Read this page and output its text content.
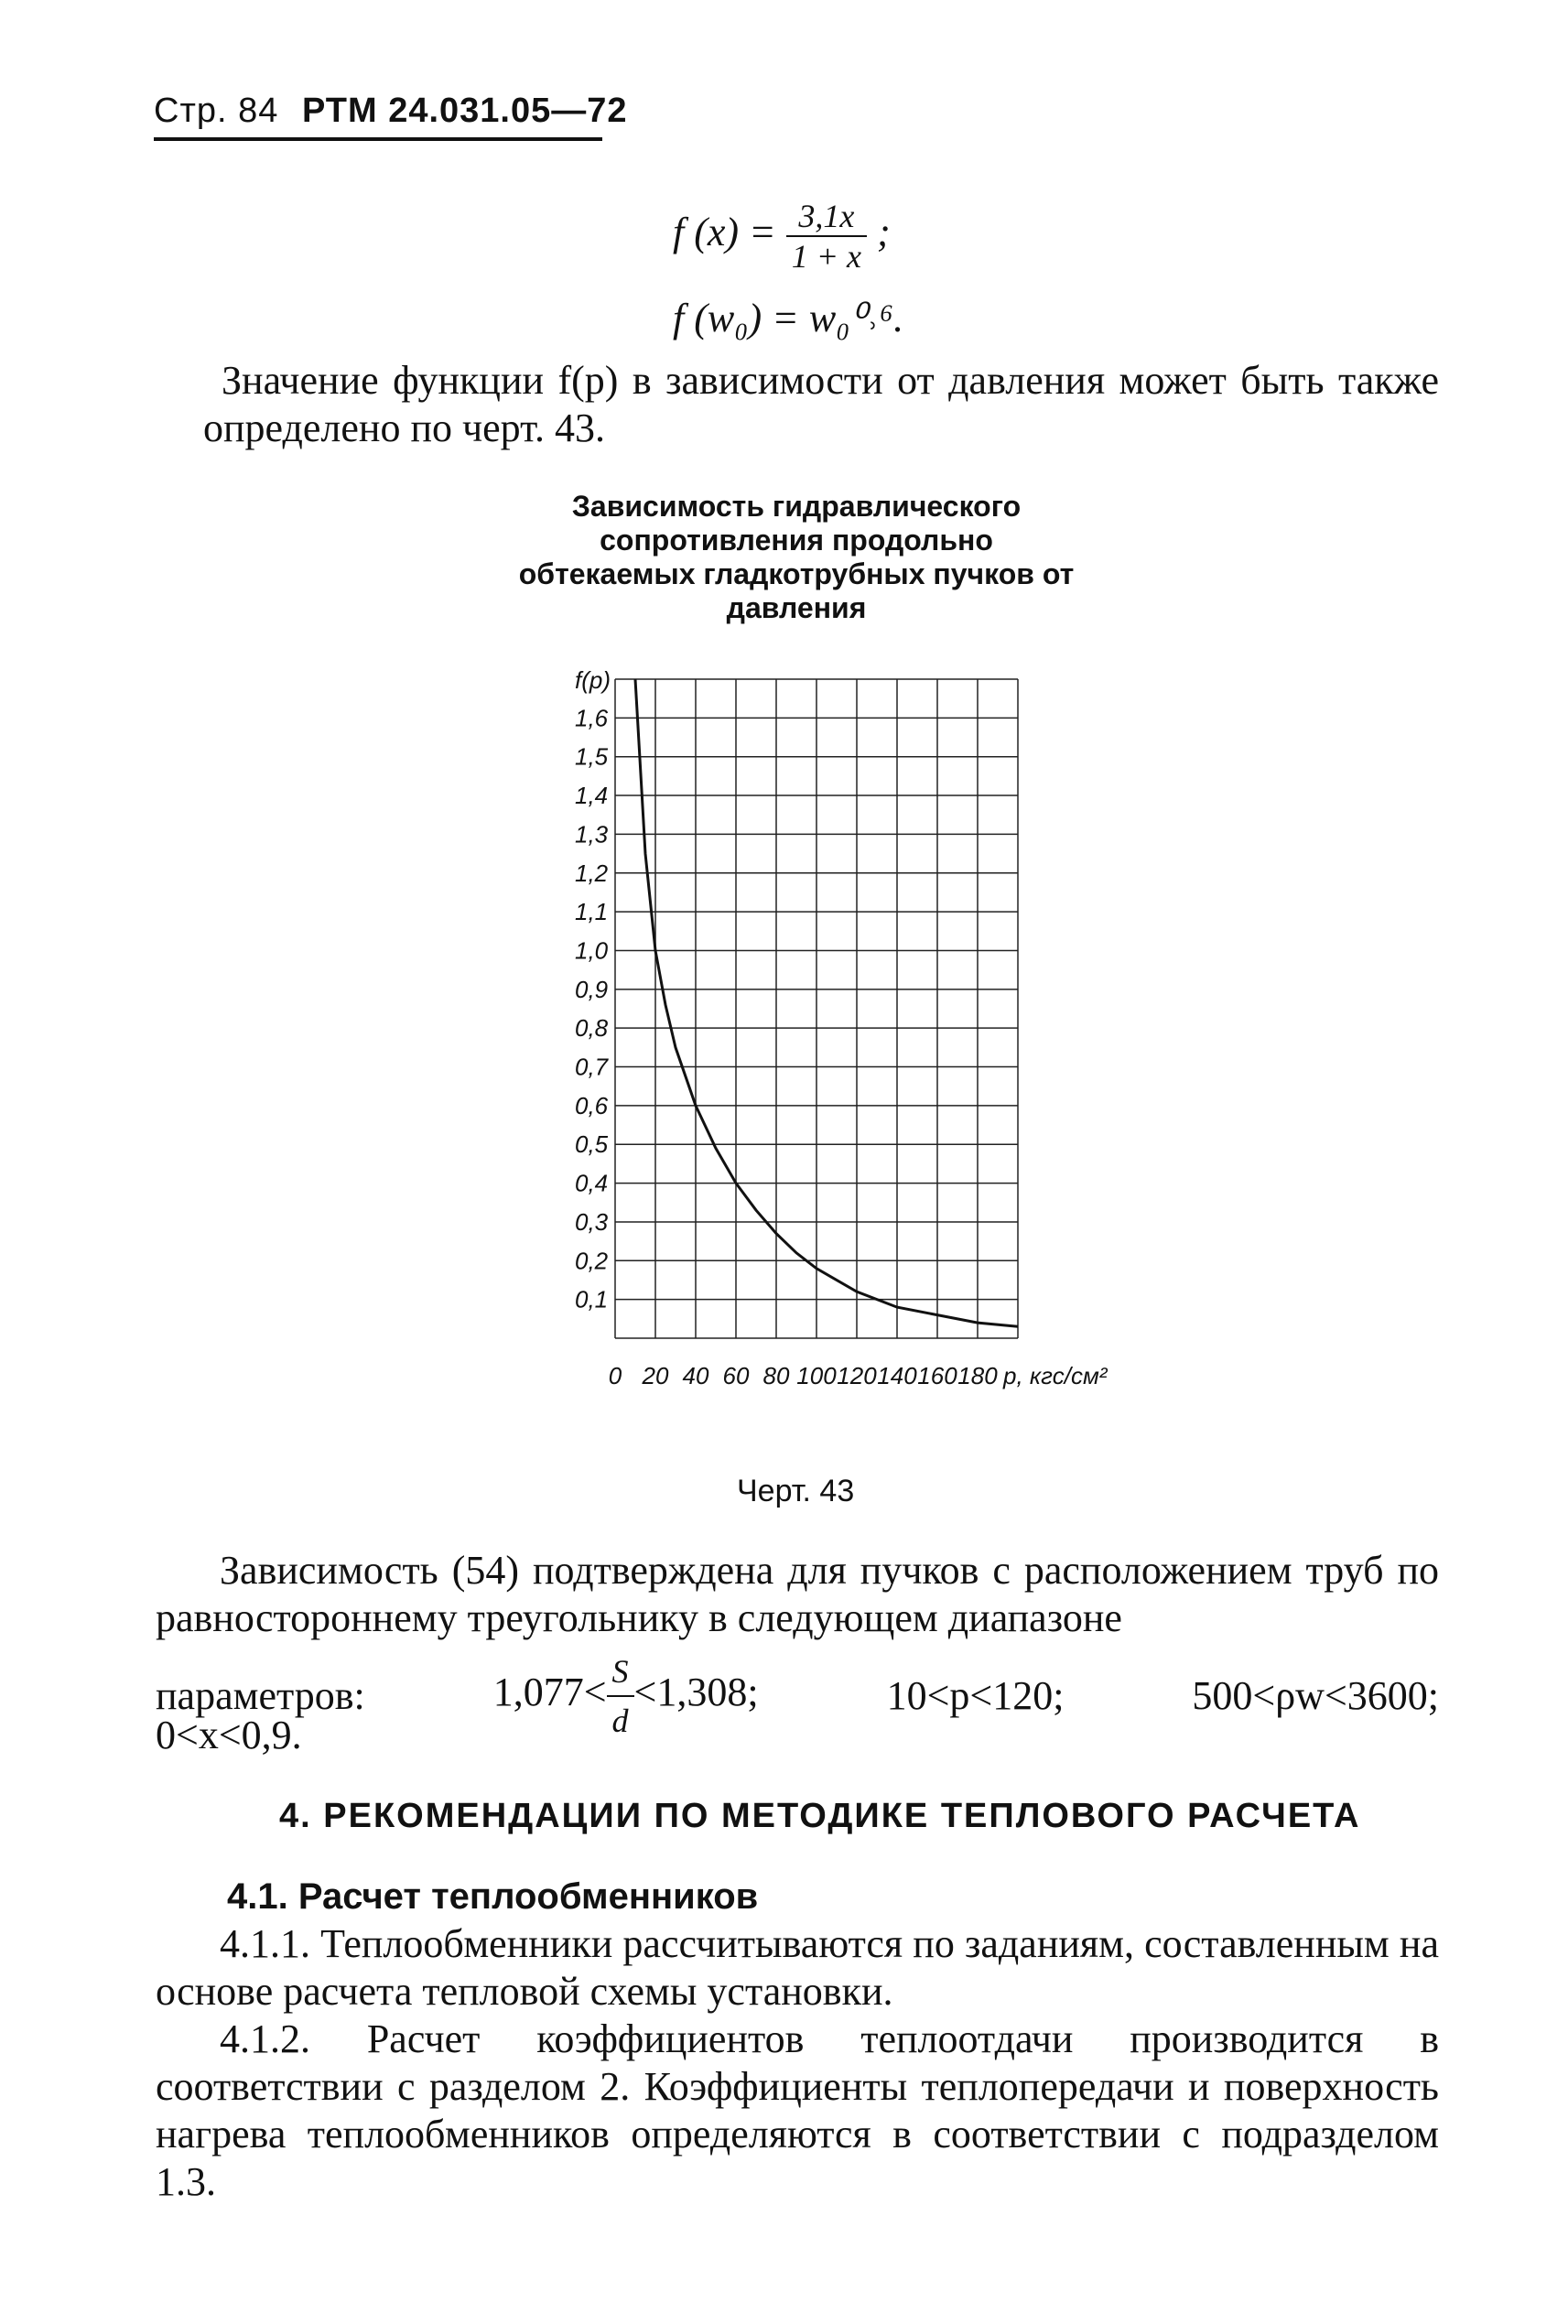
Стр. 84 РТМ 24.031.05—72
f $(x) = \frac{3,1x}{1 + x}$ ;
f (w₀) = w₀⁰˒⁶.
Значение функции f(p) в зависимости от давления может быть также определено по черт. 43.
Зависимость гидравлического сопротивления продольно обтекаемых гладкотрубных пучков от давления
f(p)
1,6
1,5
1,4
1,3
1,2
1,1
1,0
0,9
0,8
0,7
0,6
0,5
0,4
0,3
0,2
0,1
0 20 40 60 80 100 120 140 160 180 p, кгс/см²
Черт. 43
Зависимость (54) подтверждена для пучков с расположением труб по равностороннему треугольнику в следующем диапазоне
параметров:	$1,077< \frac{S}{d} <1,308$;	10<p<120;	500<ρw<3600;
0<x<0,9.
4. РЕКОМЕНДАЦИИ ПО МЕТОДИКЕ ТЕПЛОВОГО РАСЧЕТА
4.1. Расчет теплообменников
4.1.1. Теплообменники рассчитываются по заданиям, составленным на основе расчета тепловой схемы установки.
4.1.2. Расчет коэффициентов теплоотдачи производится в соответствии с разделом 2. Коэффициенты теплопередачи и поверхность нагрева теплообменников определяются в соответствии с подразделом 1.3.
